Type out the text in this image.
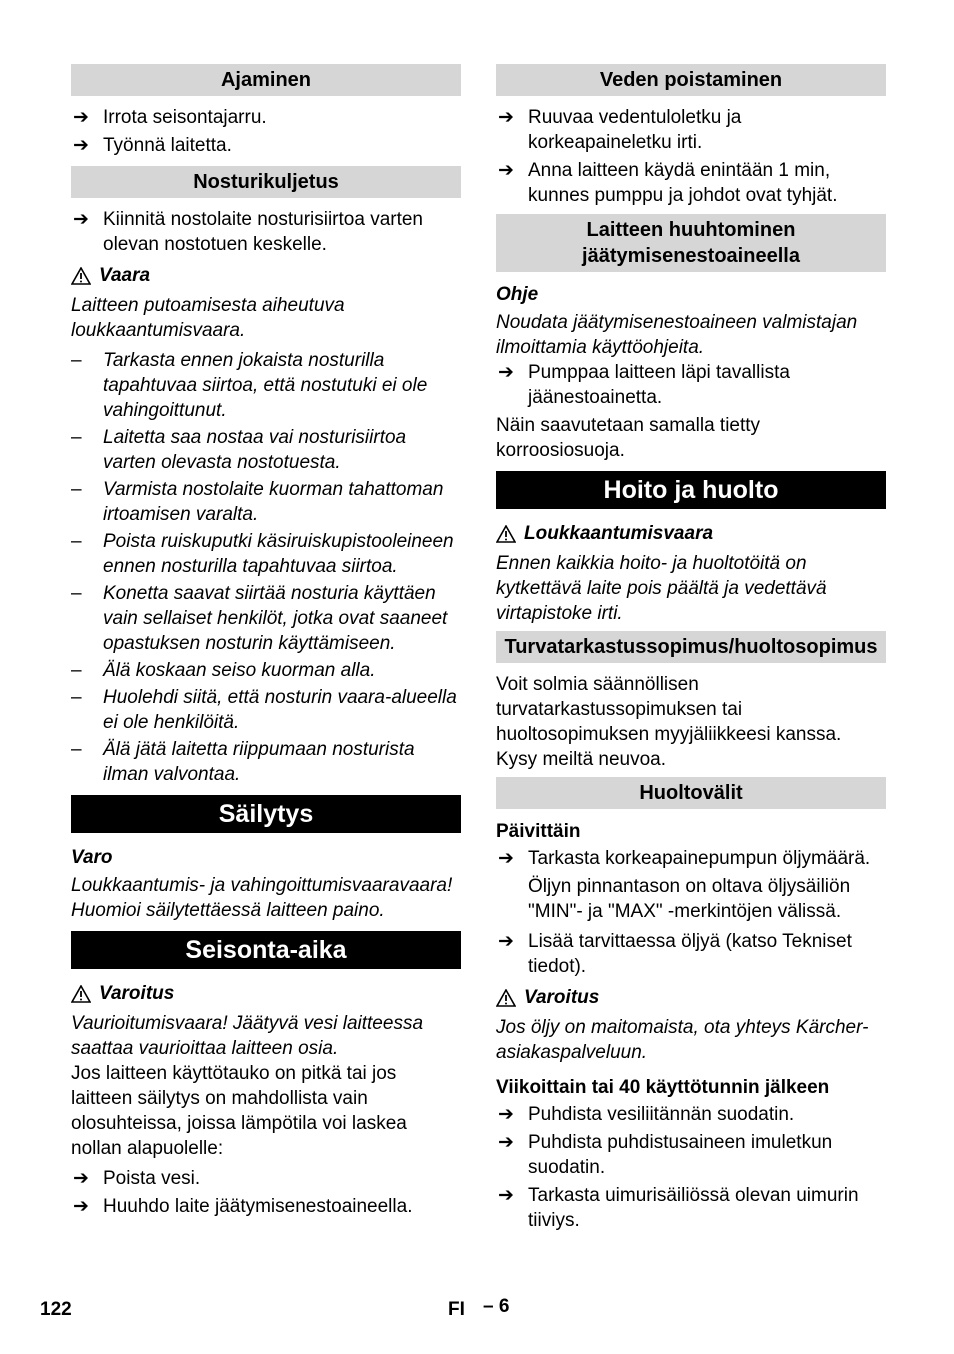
Ajaminen
➔ Irrota seisontajarru.
➔ Työnnä laitetta.
Nosturikuljetus
➔ Kiinnitä nostolaite nosturisiirtoa varten olevan nostotuen keskelle.
Vaara
Laitteen putoamisesta aiheutuva loukkaantumisvaara.
– Tarkasta ennen jokaista nosturilla tapahtuvaa siirtoa, että nostutuki ei ole vahingoittunut.
– Laitetta saa nostaa vai nosturisiirtoa varten olevasta nostotuesta.
– Varmista nostolaite kuorman tahattoman irtoamisen varalta.
– Poista ruiskuputki käsiruiskupistooleineen ennen nosturilla tapahtuvaa siirtoa.
– Konetta saavat siirtää nosturia käyttäen vain sellaiset henkilöt, jotka ovat saaneet opastuksen nosturin käyttämiseen.
– Älä koskaan seiso kuorman alla.
– Huolehdi siitä, että nosturin vaara-alueella ei ole henkilöitä.
– Älä jätä laitetta riippumaan nosturista ilman valvontaa.
Säilytys
Varo
Loukkaantumis- ja vahingoittumisvaaravaara! Huomioi säilytettäessä laitteen paino.
Seisonta-aika
Varoitus
Vaurioitumisvaara! Jäätyvä vesi laitteessa saattaa vaurioittaa laitteen osia.
Jos laitteen käyttötauko on pitkä tai jos laitteen säilytys on mahdollista vain olosuhteissa, joissa lämpötila voi laskea nollan alapuolelle:
➔ Poista vesi.
➔ Huuhdo laite jäätymisenestoaineella.
Veden poistaminen
➔ Ruuvaa vedentuloletku ja korkeapaineletku irti.
➔ Anna laitteen käydä enintään 1 min, kunnes pumppu ja johdot ovat tyhjät.
Laitteen huuhtominen jäätymisenestoaineella
Ohje
Noudata jäätymisenestoaineen valmistajan ilmoittamia käyttöohjeita.
➔ Pumppaa laitteen läpi tavallista jäänestoainetta.
Näin saavutetaan samalla tietty korroosiosuoja.
Hoito ja huolto
Loukkaantumisvaara
Ennen kaikkia hoito- ja huoltotöitä on kytkettävä laite pois päältä ja vedettävä virtapistoke irti.
Turvatarkastussopimus/huoltosopimus
Voit solmia säännöllisen turvatarkastussopimuksen tai huoltosopimuksen myyjäliikkeesi kanssa.
Kysy meiltä neuvoa.
Huoltovälit
Päivittäin
➔ Tarkasta korkeapainepumpun öljymäärä.
Öljyn pinnantason on oltava öljysäiliön "MIN"- ja "MAX" -merkintöjen välissä.
➔ Lisää tarvittaessa öljyä (katso Tekniset tiedot).
Varoitus
Jos öljy on maitomaista, ota yhteys Kärcher-asiakaspalveluun.
Viikoittain tai 40 käyttötunnin jälkeen
➔ Puhdista vesiliitännän suodatin.
➔ Puhdista puhdistusaineen imuletkun suodatin.
➔ Tarkasta uimurisäiliössä olevan uimurin tiiviys.
122	FI – 6
